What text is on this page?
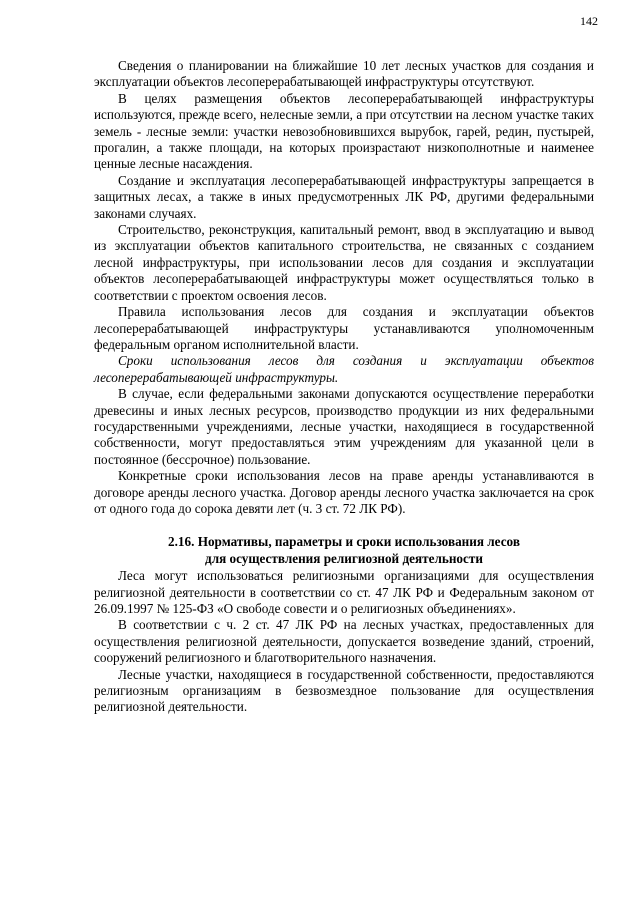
142

Сведения о планировании на ближайшие 10 лет лесных участков для создания и эксплуатации объектов лесоперерабатывающей инфраструктуры отсутствуют.

В целях размещения объектов лесоперерабатывающей инфраструктуры используются, прежде всего, нелесные земли, а при отсутствии на лесном участке таких земель - лесные земли: участки невозобновившихся вырубок, гарей, редин, пустырей, прогалин, а также площади, на которых произрастают низкополнотные и наименее ценные лесные насаждения.

Создание и эксплуатация лесоперерабатывающей инфраструктуры запрещается в защитных лесах, а также в иных предусмотренных ЛК РФ, другими федеральными законами случаях.

Строительство, реконструкция, капитальный ремонт, ввод в эксплуатацию и вывод из эксплуатации объектов капитального строительства, не связанных с созданием лесной инфраструктуры, при использовании лесов для создания и эксплуатации объектов лесоперерабатывающей инфраструктуры может осуществляться только в соответствии с проектом освоения лесов.

Правила использования лесов для создания и эксплуатации объектов лесоперерабатывающей инфраструктуры устанавливаются уполномоченным федеральным органом исполнительной власти.

Сроки использования лесов для создания и эксплуатации объектов лесоперерабатывающей инфраструктуры.

В случае, если федеральными законами допускаются осуществление переработки древесины и иных лесных ресурсов, производство продукции из них федеральными государственными учреждениями, лесные участки, находящиеся в государственной собственности, могут предоставляться этим учреждениям для указанной цели в постоянное (бессрочное) пользование.

Конкретные сроки использования лесов на праве аренды устанавливаются в договоре аренды лесного участка. Договор аренды лесного участка заключается на срок от одного года до сорока девяти лет (ч. 3 ст. 72 ЛК РФ).

2.16. Нормативы, параметры и сроки использования лесов

для осуществления религиозной деятельности

Леса могут использоваться религиозными организациями для осуществления религиозной деятельности в соответствии со ст. 47 ЛК РФ и Федеральным законом от 26.09.1997 № 125-ФЗ «О свободе совести и о религиозных объединениях».

В соответствии с ч. 2 ст. 47 ЛК РФ на лесных участках, предоставленных для осуществления религиозной деятельности, допускается возведение зданий, строений, сооружений религиозного и благотворительного назначения.

Лесные участки, находящиеся в государственной собственности, предоставляются религиозным организациям в безвозмездное пользование для осуществления религиозной деятельности.
